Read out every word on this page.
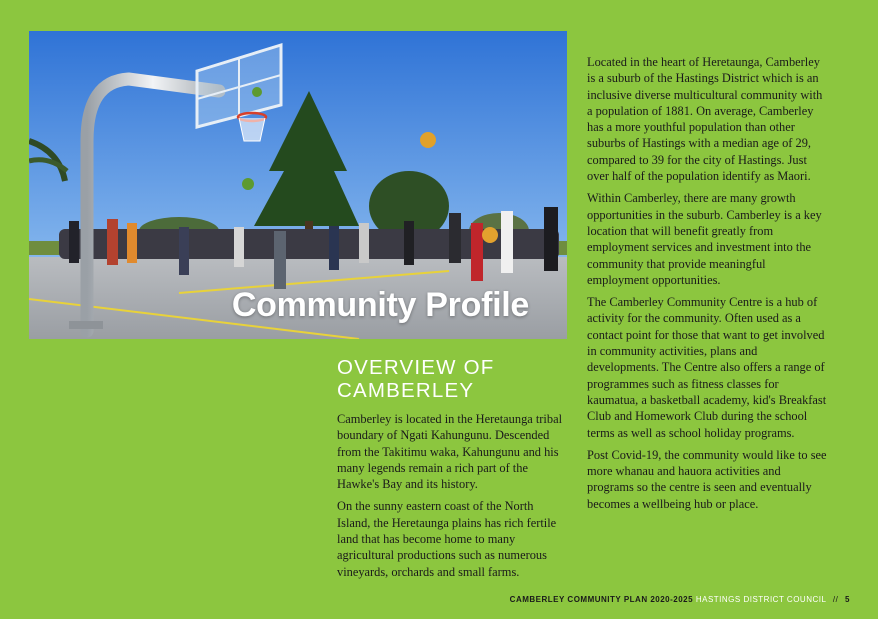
Community Profile
OVERVIEW OF
CAMBERLEY

Camberley is located in the Heretaunga tribal boundary of Ngati Kahungunu. Descended from the Takitimu waka, Kahungunu and his many legends remain a rich part of the Hawke's Bay and its history.

On the sunny eastern coast of the North Island, the Heretaunga plains has rich fertile land that has become home to many agricultural productions such as numerous vineyards, orchards and small farms.

Located in the heart of Heretaunga, Camberley is a suburb of the Hastings District which is an inclusive diverse multicultural community with a population of 1881. On average, Camberley has a more youthful population than other suburbs of Hastings with a median age of 29, compared to 39 for the city of Hastings. Just over half of the population identify as Maori.

Within Camberley, there are many growth opportunities in the suburb. Camberley is a key location that will benefit greatly from employment services and investment into the community that provide meaningful employment opportunities.

The Camberley Community Centre is a hub of activity for the community. Often used as a contact point for those that want to get involved in community activities, plans and developments. The Centre also offers a range of programmes such as fitness classes for kaumatua, a basketball academy, kid's Breakfast Club and Homework Club during the school terms as well as school holiday programs.

Post Covid-19, the community would like to see more whanau and hauora activities and programs so the centre is seen and eventually becomes a wellbeing hub or place.

CAMBERLEY COMMUNITY PLAN 2020-2025 HASTINGS DISTRICT COUNCIL // 5
